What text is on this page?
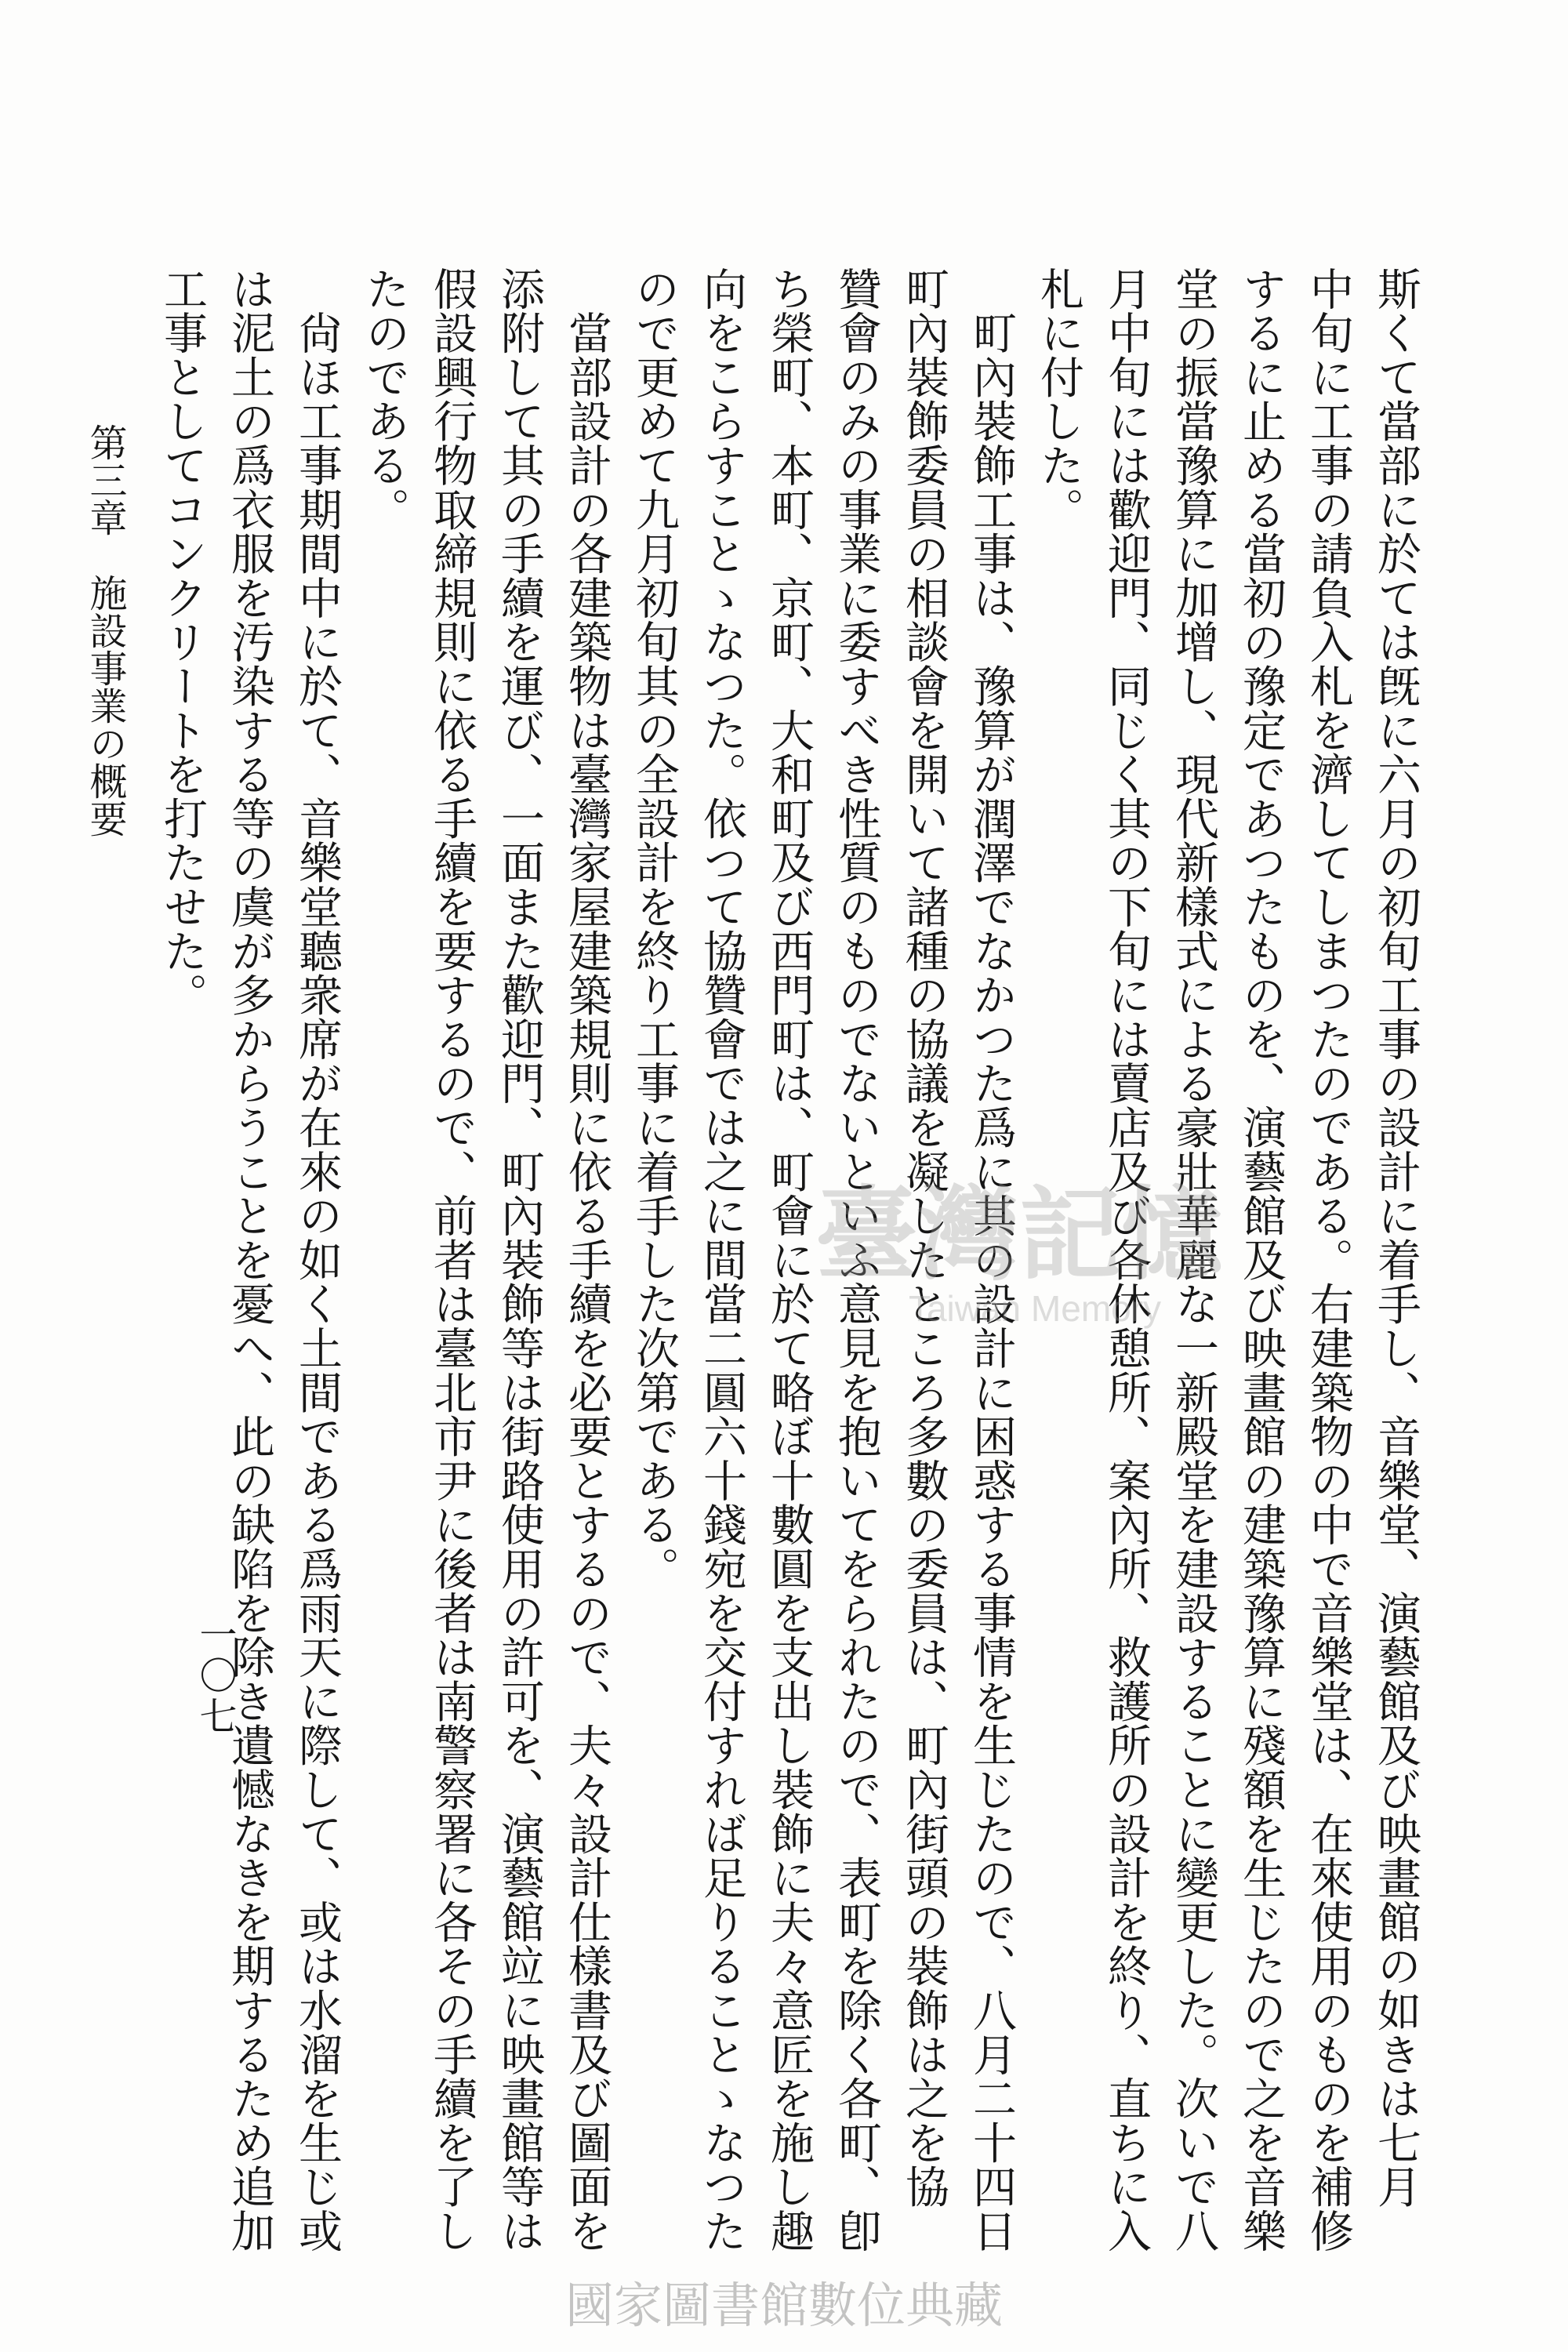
斯くて當部に於ては旣に六月の初旬工事の設計に着手し、音樂堂、演藝館及び映畫館の如きは七月
中旬に工事の請負入札を濟してしまつたのである。右建築物の中で音樂堂は、在來使用のものを補修
するに止める當初の豫定であつたものを、演藝館及び映畫館の建築豫算に殘額を生じたので之を音樂
堂の振當豫算に加增し、現代新樣式による豪壯華麗な一新殿堂を建設することに變更した。次いで八
月中旬には歡迎門、同じく其の下旬には賣店及び各休憩所、案內所、救護所の設計を終り、直ちに入
札に付した。
　町內裝飾工事は、豫算が潤澤でなかつた爲に其の設計に困惑する事情を生じたので、八月二十四日
町內裝飾委員の相談會を開いて諸種の協議を凝したところ多數の委員は、町內街頭の裝飾は之を協
贊會のみの事業に委すべき性質のものでないといふ意見を抱いてをられたので、表町を除く各町、卽
ち榮町、本町、京町、大和町及び西門町は、町會に於て略ぼ十數圓を支出し裝飾に夫々意匠を施し趣
向をこらすことゝなつた。依つて協贊會では之に間當二圓六十錢宛を交付すれば足りることゝなつた
ので更めて九月初旬其の全設計を終り工事に着手した次第である。
　當部設計の各建築物は臺灣家屋建築規則に依る手續を必要とするので、夫々設計仕樣書及び圖面を
添附して其の手續を運び、一面また歡迎門、町內裝飾等は街路使用の許可を、演藝館竝に映畫館等は
假設興行物取締規則に依る手續を要するので、前者は臺北市尹に後者は南警察署に各その手續を了し
たのである。
　尙ほ工事期間中に於て、音樂堂聽衆席が在來の如く土間である爲雨天に際して、或は水溜を生じ或
は泥土の爲衣服を汚染する等の虞が多からうことを憂へ、此の缺陷を除き遺憾なきを期するため追加
工事としてコンクリートを打たせた。
第三章　施設事業の概要
一〇七
臺灣記憶
Taiwan Memory
國家圖書館數位典藏
